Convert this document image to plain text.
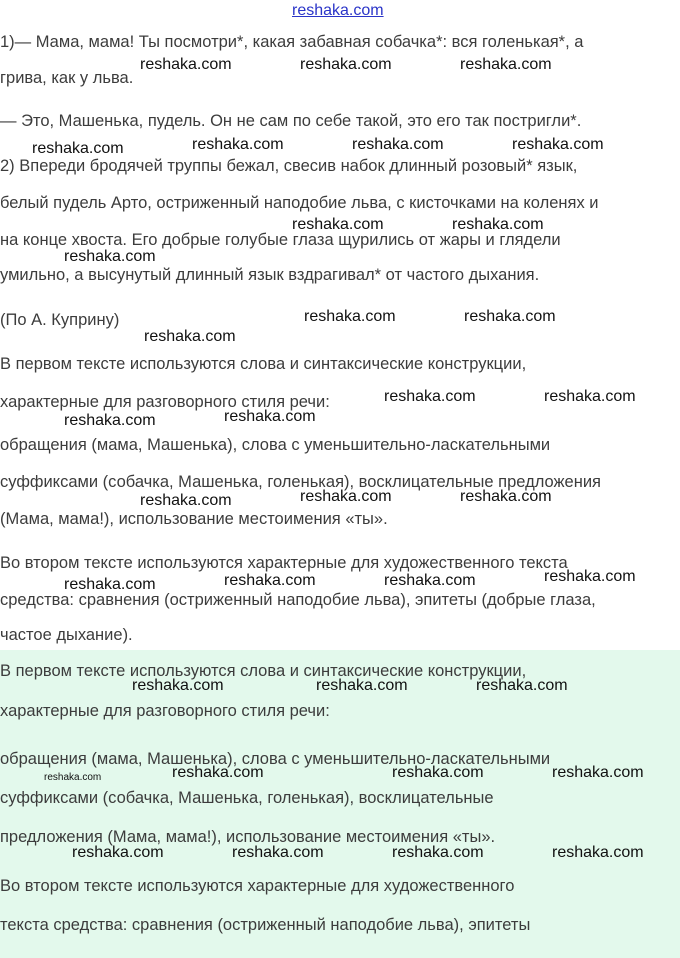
reshaka.com
1)— Мама, мама! Ты посмотри*, какая забавная собачка*: вся голенькая*, а
грива, как у льва.
— Это, Машенька, пудель. Он не сам по себе такой, это его так постригли*.
2) Впереди бродячей труппы бежал, свесив набок длинный розовый* язык,
белый пудель Арто, остриженный наподобие льва, с кисточками на коленях и
на конце хвоста. Его добрые голубые глаза щурились от жары и глядели
умильно, а высунутый длинный язык вздрагивал* от частого дыхания.
(По А. Куприну)
В первом тексте используются слова и синтаксические конструкции,
характерные для разговорного стиля речи:
обращения (мама, Машенька), слова с уменьшительно-ласкательными
суффиксами (собачка, Машенька, голенькая), восклицательные предложения
(Мама, мама!), использование местоимения «ты».
Во втором тексте используются характерные для художественного текста
средства: сравнения (остриженный наподобие льва), эпитеты (добрые глаза,
частое дыхание).
В первом тексте используются слова и синтаксические конструкции,
характерные для разговорного стиля речи:
обращения (мама, Машенька), слова с уменьшительно-ласкательными
суффиксами (собачка, Машенька, голенькая), восклицательные
предложения (Мама, мама!), использование местоимения «ты».
Во втором тексте используются характерные для художественного
текста средства: сравнения (остриженный наподобие льва), эпитеты
reshaka.com	reshaka.com	reshaka.com
reshaka.com	reshaka.com	reshaka.com	reshaka.com
reshaka.com	reshaka.com
reshaka.com
reshaka.com	reshaka.com
reshaka.com
reshaka.com	reshaka.com
reshaka.com
reshaka.com
reshaka.com	reshaka.com
reshaka.com
reshaka.com
reshaka.com	reshaka.com
reshaka.com
reshaka.com	reshaka.com	reshaka.com
reshaka.com	reshaka.com	reshaka.com	reshaka.com
reshaka.com	reshaka.com	reshaka.com	reshaka.com
